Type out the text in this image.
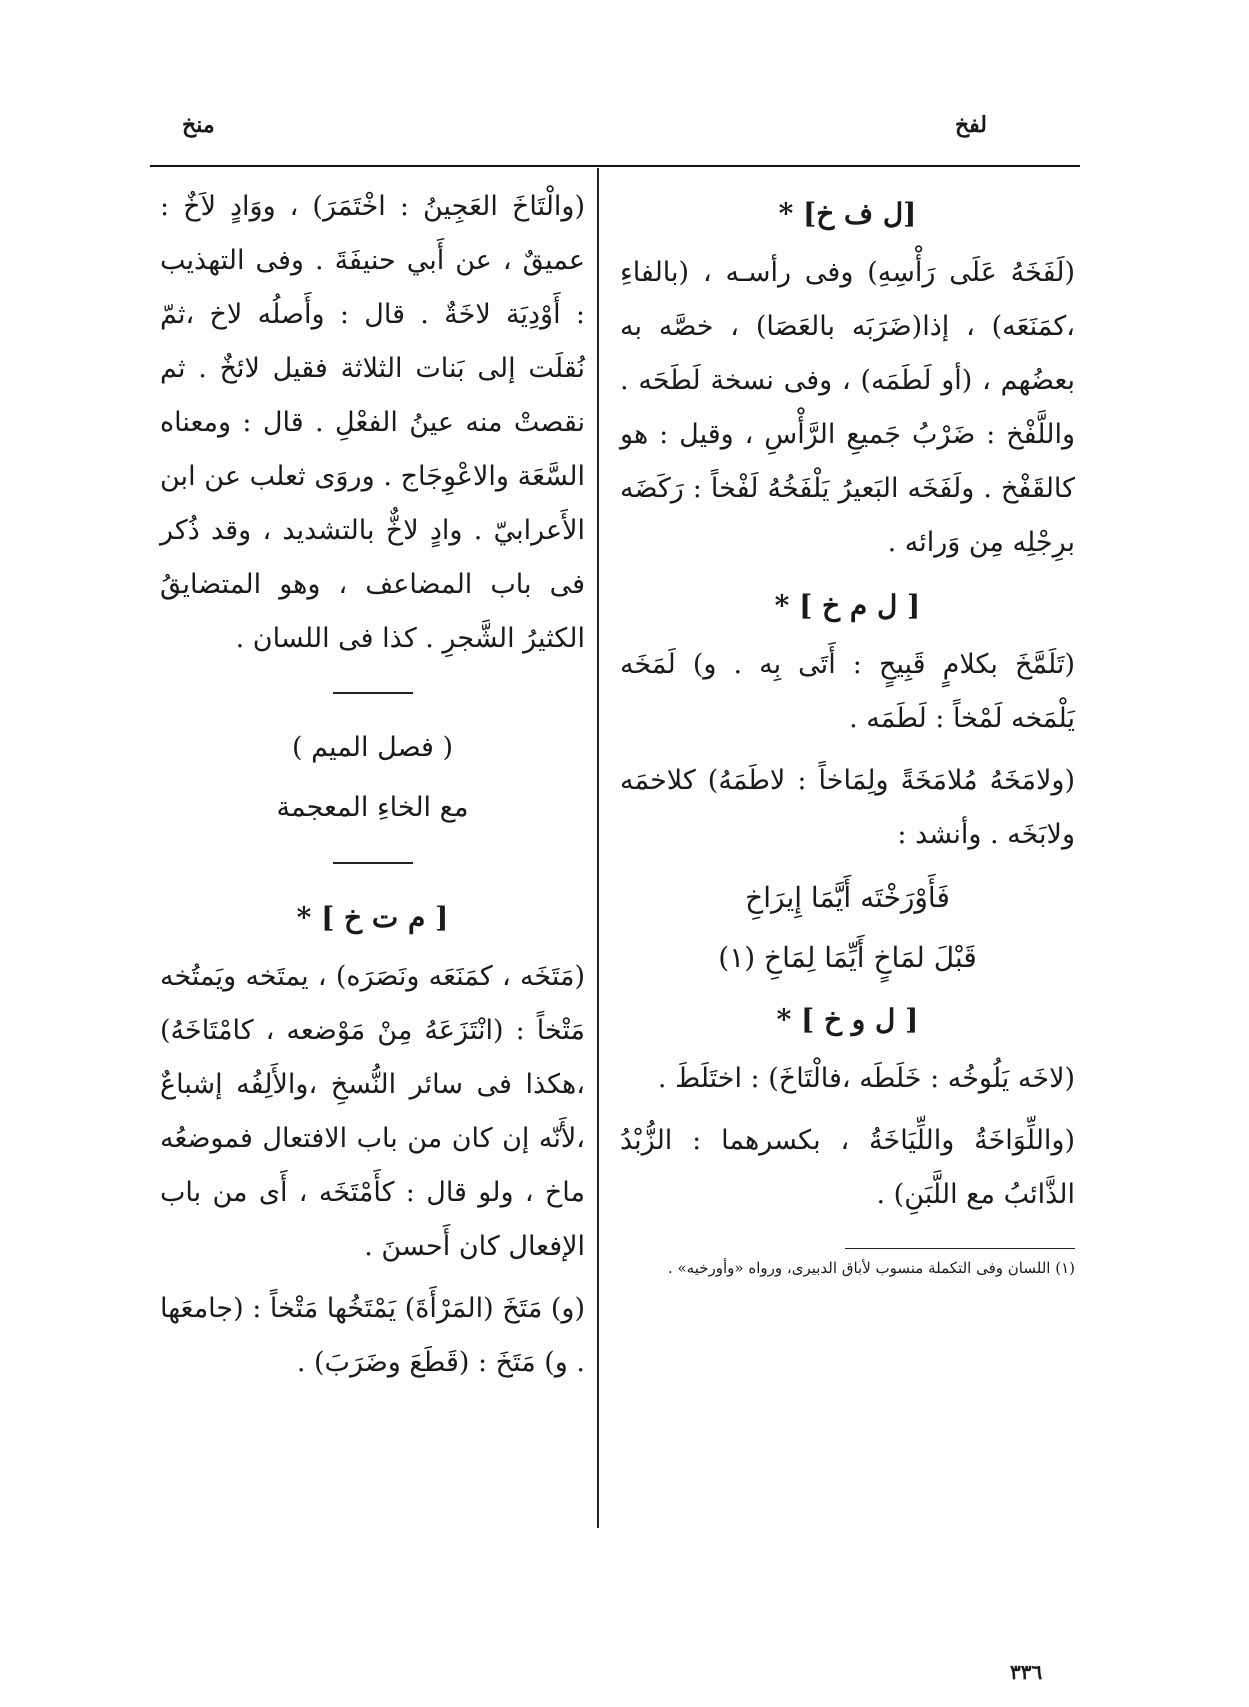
منخ	لفخ
[ل ف خ] *

(لَفَخَهُ عَلَى رَأْسِهِ) وفى رأسـه ، (بالفاءِ ،كمَنَعَه) ، إذا(ضَرَبَه بالعَصَا) ، خصَّه به بعضُهم ، (أو لَطَمَه) ، وفى نسخة لَطَحَه . واللَّفْخ : ضَرْبُ جَميعِ الرَّأْسِ ، وقيل : هو كالقَفْخ . ولَفَخَه البَعيرُ يَلْفَخُهُ لَفْخاً : رَكَضَه برِجْلِه مِن وَرائه .

[ ل م خ ] *

(تَلَمَّخَ بكلامٍ قَبِيحٍ : أَتَى بِه . و) لَمَخَه يَلْمَخه لَمْخاً : لَطَمَه .

(ولامَخَهُ مُلامَخَةً ولِمَاخاً : لاطَمَهُ) كلاخمَه ولابَخَه . وأنشد :

فَأَوْرَخْتَه أَيَّمَا إِيرَاخِ
قَبْلَ لمَاخٍ أَيِّمَا لِمَاخِ (١)
[ ل و خ ] *

(لاخَه يَلُوخُه : خَلَطَه ،فالْتَاخَ) : اختَلَطَ .

(واللِّوَاخَةُ واللِّيَاخَةُ ، بكسرهما : الزُّبْدُ الذَّائبُ مع اللَّبَنِ) .

(١) اللسان وفى التكملة منسوب لأباق الدبيرى، ورواه «وأورخيه» .

(والْتَاخَ العَجِينُ : اخْتَمَرَ) ، ووَادٍ لاَخٌ : عميقٌ ، عن أَبي حنيفَةَ . وفى التهذيب : أَوْدِيَة لاخَةٌ . قال : وأَصلُه لاخ ،ثمّ نُقلَت إلى بَنات الثلاثة فقيل لائخٌ . ثم نقصتْ منه عينُ الفعْلِ . قال : ومعناه السَّعَة والاعْوِجَاج . وروَى ثعلب عن ابن الأَعرابيّ . وادٍ لاخٌّ بالتشديد ، وقد ذُكر فى باب المضاعف ، وهو المتضايقُ الكثيرُ الشَّجرِ . كذا فى اللسان .

( فصل الميم )
مع الخاءِ المعجمة
[ م ت خ ] *

(مَتَخَه ، كمَنَعَه ونَصَرَه) ، يمتَخه ويَمتُخه مَتْخاً : (انْتَزَعَهُ مِنْ مَوْضعه ، كامْتَاخَهُ) ،هكذا فى سائر النُّسخِ ،والأَلِفُه إشباعٌ ،لأَنّه إن كان من باب الافتعال فموضعُه ماخ ، ولو قال : كأَمْتَخَه ، أَى من باب الإفعال كان أَحسنَ .

(و) مَتَخَ (المَرْأَةَ) يَمْتَخُها مَتْخاً : (جامعَها . و) مَتَخَ : (قَطَعَ وضَرَبَ) .

٣٣٦
